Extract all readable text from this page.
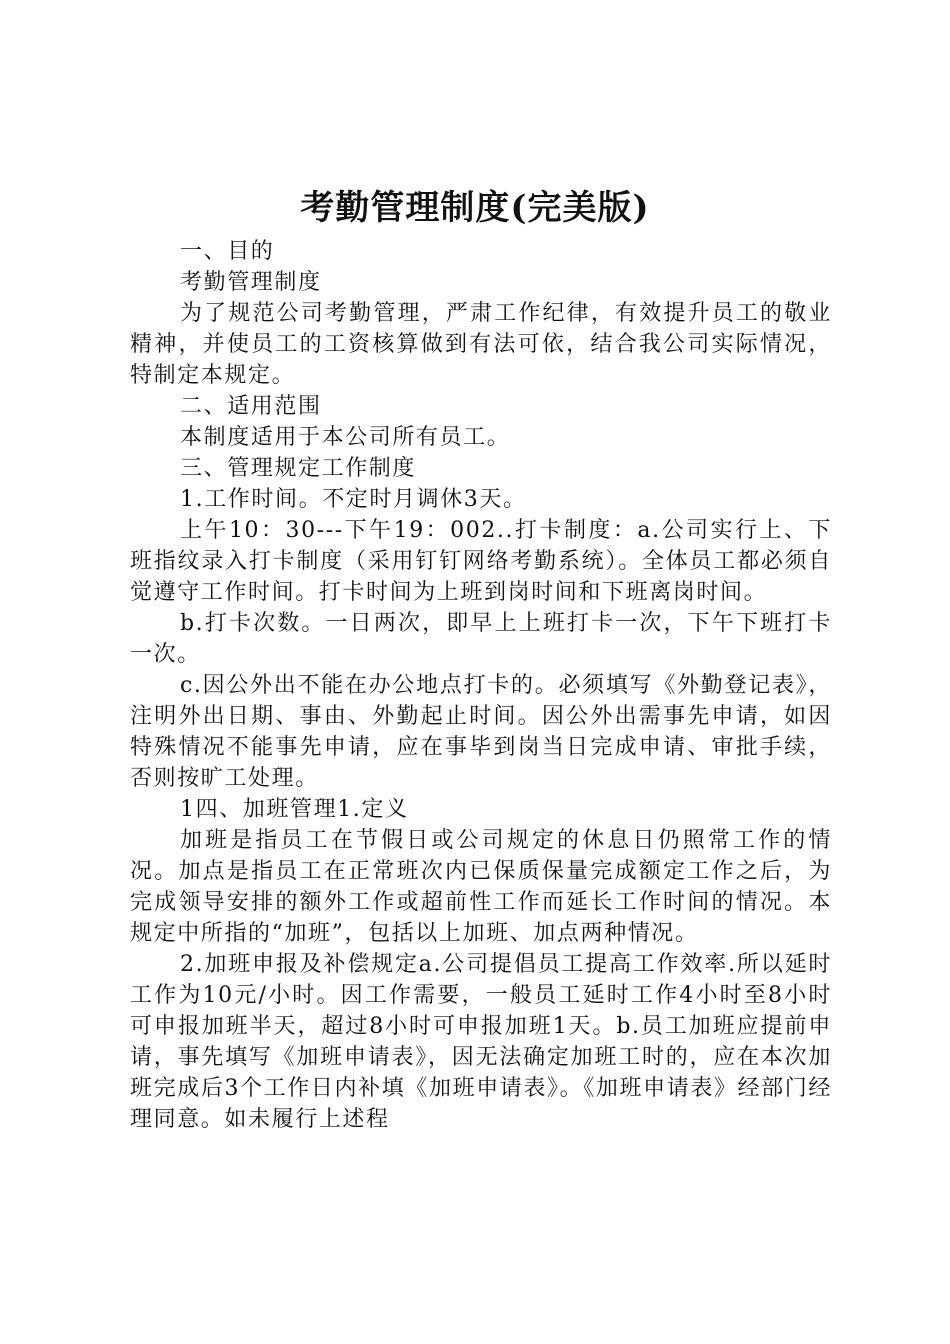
考勤管理制度(完美版)

一、目的

考勤管理制度

为了规范公司考勤管理，严肃工作纪律，有效提升员工的敬业精神，并使员工的工资核算做到有法可依，结合我公司实际情况，特制定本规定。

二、适用范围

本制度适用于本公司所有员工。

三、管理规定工作制度

1.工作时间。不定时月调休3天。

上午10：30---下午19：002..打卡制度：a.公司实行上、下班指纹录入打卡制度（采用钉钉网络考勤系统）。全体员工都必须自觉遵守工作时间。打卡时间为上班到岗时间和下班离岗时间。

b.打卡次数。一日两次，即早上上班打卡一次，下午下班打卡一次。

c.因公外出不能在办公地点打卡的。必须填写《外勤登记表》，注明外出日期、事由、外勤起止时间。因公外出需事先申请，如因特殊情况不能事先申请，应在事毕到岗当日完成申请、审批手续，否则按旷工处理。

1四、加班管理1.定义

加班是指员工在节假日或公司规定的休息日仍照常工作的情况。加点是指员工在正常班次内已保质保量完成额定工作之后，为完成领导安排的额外工作或超前性工作而延长工作时间的情况。本规定中所指的“加班”，包括以上加班、加点两种情况。

2.加班申报及补偿规定a.公司提倡员工提高工作效率.所以延时工作为10元/小时。因工作需要，一般员工延时工作4小时至8小时可申报加班半天，超过8小时可申报加班1天。b.员工加班应提前申请，事先填写《加班申请表》，因无法确定加班工时的，应在本次加班完成后3个工作日内补填《加班申请表》。《加班申请表》经部门经理同意。如未履行上述程
